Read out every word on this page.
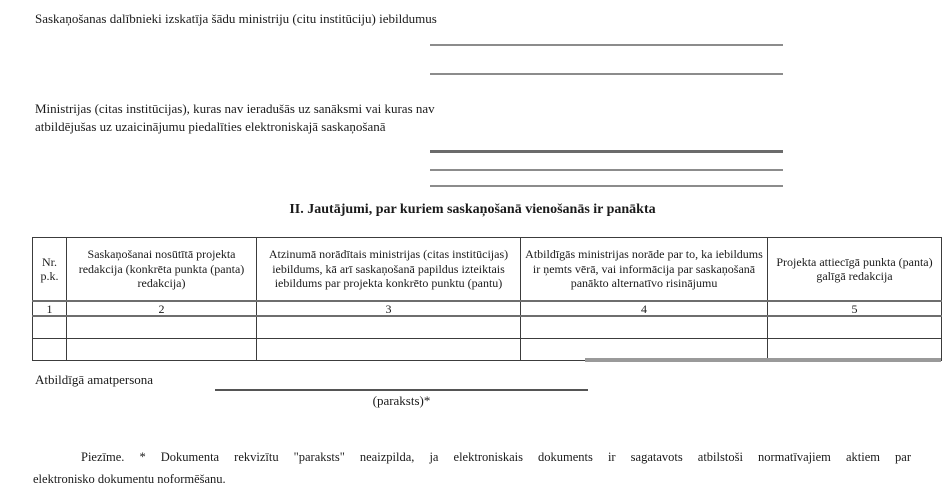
Saskaņošanas dalībnieki izskatīja šādu ministriju (citu institūciju) iebildumus
Ministrijas (citas institūcijas), kuras nav ieradušās uz sanāksmi vai kuras nav atbildējušas uz uzaicinājumu piedalīties elektroniskajā saskaņošanā
II. Jautājumi, par kuriem saskaņošanā vienošanās ir panākta
Nr. p.k.	Saskaņošanai nosūtītā projekta redakcija (konkrēta punkta (panta) redakcija)	Atzinumā norādītais ministrijas (citas institūcijas) iebildums, kā arī saskaņošanā papildus izteiktais iebildums par projekta konkrēto punktu (pantu)	Atbildīgās ministrijas norāde par to, ka iebildums ir ņemts vērā, vai informācija par saskaņošanā panākto alternatīvo risinājumu	Projekta attiecīgā punkta (panta) galīgā redakcija
1	2	3	4	5

Atbildīgā amatpersona
(paraksts)*
Piezīme. * Dokumenta rekvizītu "paraksts" neaizpilda, ja elektroniskais dokuments ir sagatavots atbilstoši normatīvajiem aktiem par
elektronisko dokumentu noformēšanu.
